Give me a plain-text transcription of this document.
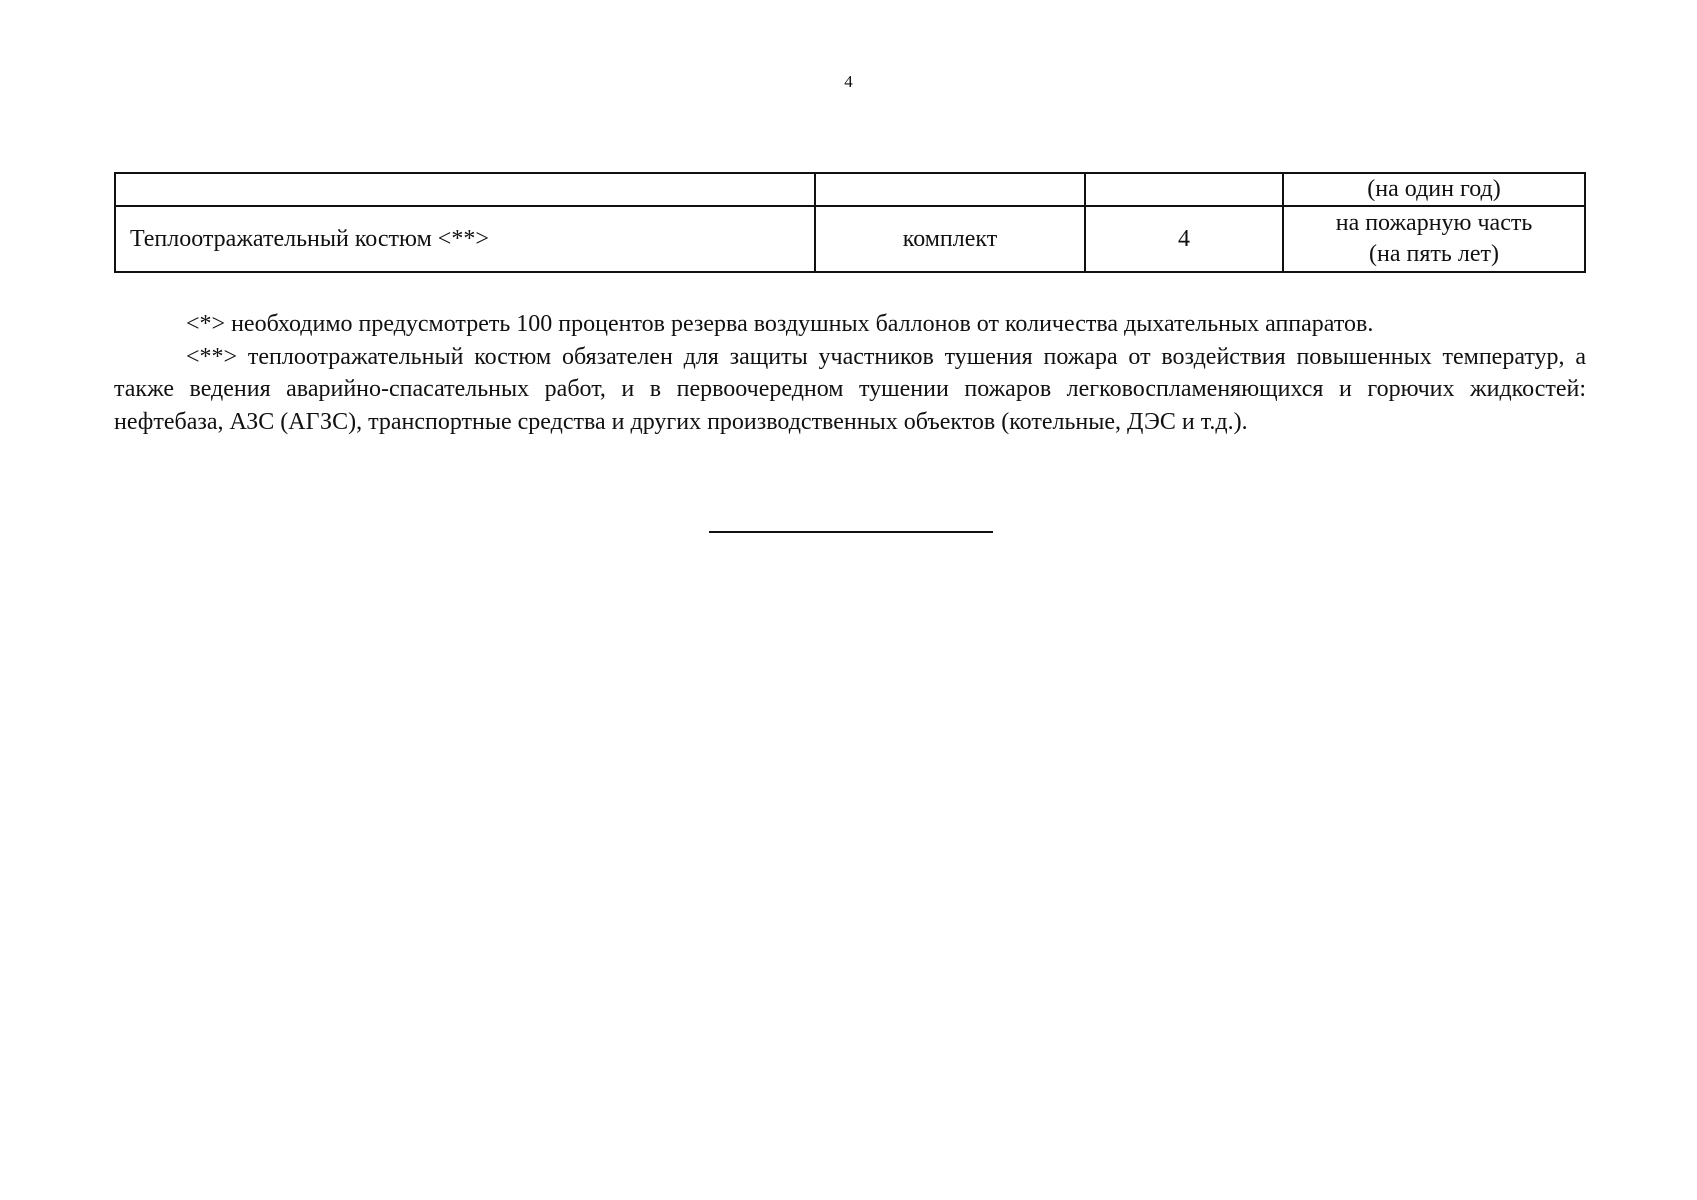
4

			(на один год)

Теплоотражательный костюм <**>	комплект	4	на пожарную часть
(на пять лет)

<*> необходимо предусмотреть 100 процентов резерва воздушных баллонов от количества дыхательных аппаратов.

<**> теплоотражательный костюм обязателен для защиты участников тушения пожара от воздействия повышенных температур, а также ведения аварийно-спасательных работ, и в первоочередном тушении пожаров легковоспламеняющихся и горючих жидкостей: нефтебаза, АЗС (АГЗС), транспортные средства и других производственных объектов (котельные, ДЭС и т.д.).
